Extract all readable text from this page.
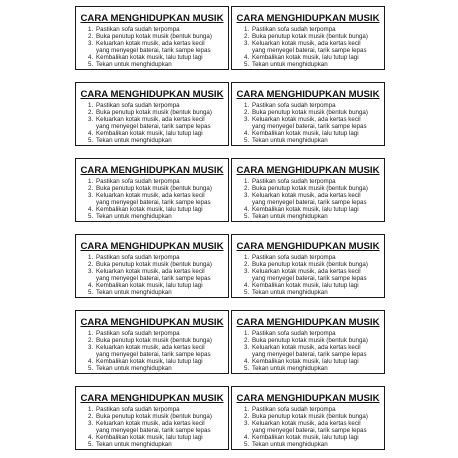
CARA MENGHIDUPKAN MUSIK
1. Pastikan sofa sudah terpompa
2. Buka penutup kotak musik (bentuk bunga)
3. Keluarkan kotak musik, ada kertas kecil
yang menyegel baterai, tarik sampe lepas
4. Kembalikan kotak musik, lalu tutup lagi
5. Tekan untuk menghidupkan
CARA MENGHIDUPKAN MUSIK
1. Pastikan sofa sudah terpompa
2. Buka penutup kotak musik (bentuk bunga)
3. Keluarkan kotak musik, ada kertas kecil
yang menyegel baterai, tarik sampe lepas
4. Kembalikan kotak musik, lalu tutup lagi
5. Tekan untuk menghidupkan
CARA MENGHIDUPKAN MUSIK
1. Pastikan sofa sudah terpompa
2. Buka penutup kotak musik (bentuk bunga)
3. Keluarkan kotak musik, ada kertas kecil
yang menyegel baterai, tarik sampe lepas
4. Kembalikan kotak musik, lalu tutup lagi
5. Tekan untuk menghidupkan
CARA MENGHIDUPKAN MUSIK
1. Pastikan sofa sudah terpompa
2. Buka penutup kotak musik (bentuk bunga)
3. Keluarkan kotak musik, ada kertas kecil
yang menyegel baterai, tarik sampe lepas
4. Kembalikan kotak musik, lalu tutup lagi
5. Tekan untuk menghidupkan
CARA MENGHIDUPKAN MUSIK
1. Pastikan sofa sudah terpompa
2. Buka penutup kotak musik (bentuk bunga)
3. Keluarkan kotak musik, ada kertas kecil
yang menyegel baterai, tarik sampe lepas
4. Kembalikan kotak musik, lalu tutup lagi
5. Tekan untuk menghidupkan
CARA MENGHIDUPKAN MUSIK
1. Pastikan sofa sudah terpompa
2. Buka penutup kotak musik (bentuk bunga)
3. Keluarkan kotak musik, ada kertas kecil
yang menyegel baterai, tarik sampe lepas
4. Kembalikan kotak musik, lalu tutup lagi
5. Tekan untuk menghidupkan
CARA MENGHIDUPKAN MUSIK
1. Pastikan sofa sudah terpompa
2. Buka penutup kotak musik (bentuk bunga)
3. Keluarkan kotak musik, ada kertas kecil
yang menyegel baterai, tarik sampe lepas
4. Kembalikan kotak musik, lalu tutup lagi
5. Tekan untuk menghidupkan
CARA MENGHIDUPKAN MUSIK
1. Pastikan sofa sudah terpompa
2. Buka penutup kotak musik (bentuk bunga)
3. Keluarkan kotak musik, ada kertas kecil
yang menyegel baterai, tarik sampe lepas
4. Kembalikan kotak musik, lalu tutup lagi
5. Tekan untuk menghidupkan
CARA MENGHIDUPKAN MUSIK
1. Pastikan sofa sudah terpompa
2. Buka penutup kotak musik (bentuk bunga)
3. Keluarkan kotak musik, ada kertas kecil
yang menyegel baterai, tarik sampe lepas
4. Kembalikan kotak musik, lalu tutup lagi
5. Tekan untuk menghidupkan
CARA MENGHIDUPKAN MUSIK
1. Pastikan sofa sudah terpompa
2. Buka penutup kotak musik (bentuk bunga)
3. Keluarkan kotak musik, ada kertas kecil
yang menyegel baterai, tarik sampe lepas
4. Kembalikan kotak musik, lalu tutup lagi
5. Tekan untuk menghidupkan
CARA MENGHIDUPKAN MUSIK
1. Pastikan sofa sudah terpompa
2. Buka penutup kotak musik (bentuk bunga)
3. Keluarkan kotak musik, ada kertas kecil
yang menyegel baterai, tarik sampe lepas
4. Kembalikan kotak musik, lalu tutup lagi
5. Tekan untuk menghidupkan
CARA MENGHIDUPKAN MUSIK
1. Pastikan sofa sudah terpompa
2. Buka penutup kotak musik (bentuk bunga)
3. Keluarkan kotak musik, ada kertas kecil
yang menyegel baterai, tarik sampe lepas
4. Kembalikan kotak musik, lalu tutup lagi
5. Tekan untuk menghidupkan
